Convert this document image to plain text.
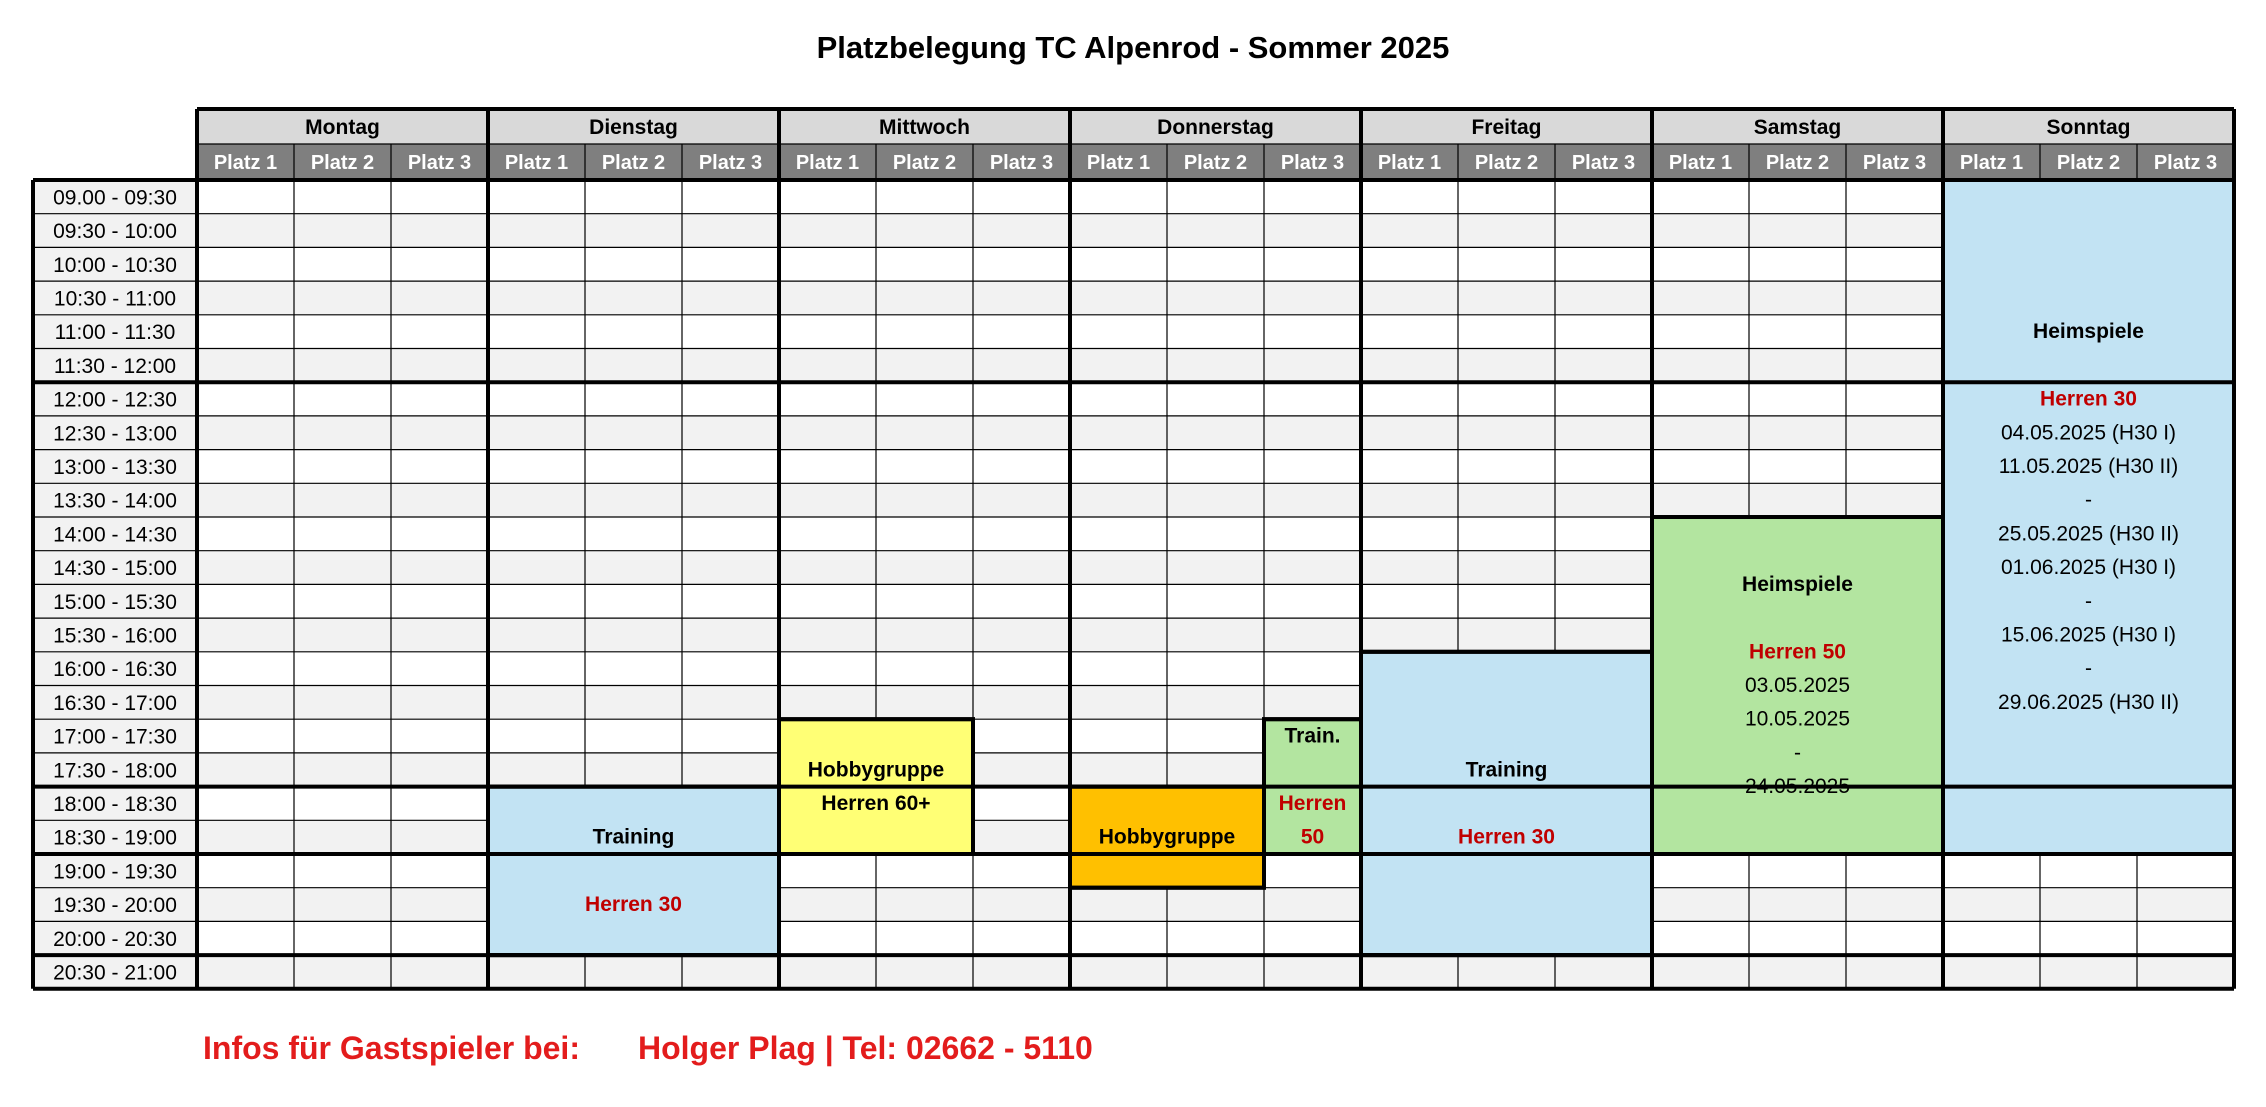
Platzbelegung TC Alpenrod - Sommer 2025
Montag
Platz 1 Platz 2 Platz 3
Dienstag
Platz 1 Platz 2 Platz 3
Mittwoch
Platz 1 Platz 2 Platz 3
Donnerstag
Platz 1 Platz 2 Platz 3
Freitag
Platz 1 Platz 2 Platz 3
Samstag
Platz 1 Platz 2 Platz 3
Sonntag
Platz 1 Platz 2 Platz 3
09.00 - 09:30
09:30 - 10:00
10:00 - 10:30
10:30 - 11:00
11:00 - 11:30
11:30 - 12:00
12:00 - 12:30
12:30 - 13:00
13:00 - 13:30
13:30 - 14:00
14:00 - 14:30
14:30 - 15:00
15:00 - 15:30
15:30 - 16:00
16:00 - 16:30
16:30 - 17:00
17:00 - 17:30
17:30 - 18:00
18:00 - 18:30
18:30 - 19:00
19:00 - 19:30
19:30 - 20:00
20:00 - 20:30
20:30 - 21:00
Training
Herren 30
Hobbygruppe
Herren 60+
Hobbygruppe
Train.
Herren
50
Training
Herren 30
Heimspiele
Herren 50
03.05.2025
10.05.2025
-
24.05.2025
Heimspiele
Herren 30
04.05.2025 (H30 I)
11.05.2025 (H30 II)
-
25.05.2025 (H30 II)
01.06.2025 (H30 I)
-
15.06.2025 (H30 I)
-
29.06.2025 (H30 II)
Infos für Gastspieler bei: Holger Plag | Tel: 02662 - 5110
